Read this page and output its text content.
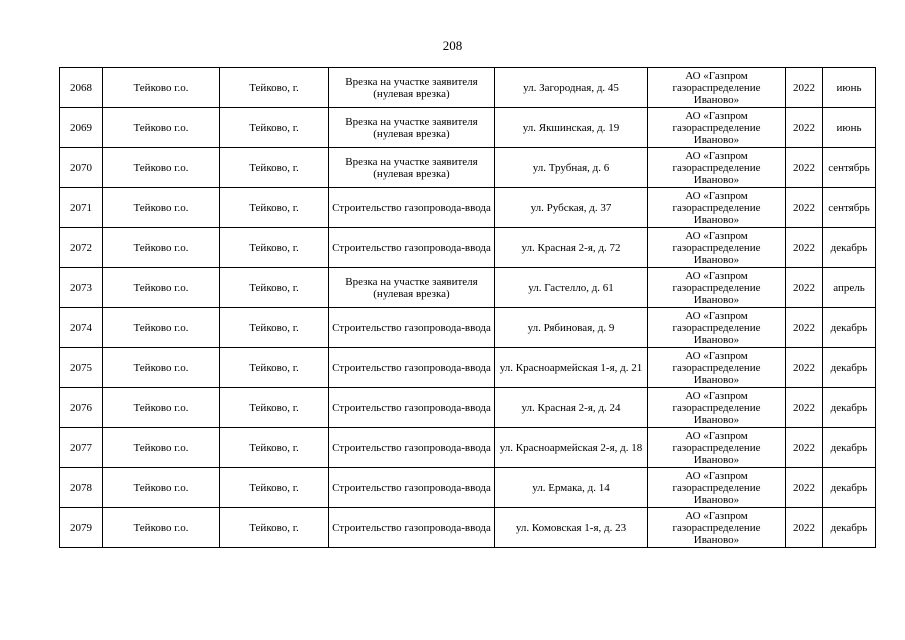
208
2068	Тейково г.о.	Тейково, г.	Врезка на участке заявителя (нулевая врезка)	ул. Загородная, д. 45	АО «Газпром газораспределение Иваново»	2022	июнь
2069	Тейково г.о.	Тейково, г.	Врезка на участке заявителя (нулевая врезка)	ул. Якшинская, д. 19	АО «Газпром газораспределение Иваново»	2022	июнь
2070	Тейково г.о.	Тейково, г.	Врезка на участке заявителя (нулевая врезка)	ул. Трубная, д. 6	АО «Газпром газораспределение Иваново»	2022	сентябрь
2071	Тейково г.о.	Тейково, г.	Строительство газопровода-ввода	ул. Рубская, д. 37	АО «Газпром газораспределение Иваново»	2022	сентябрь
2072	Тейково г.о.	Тейково, г.	Строительство газопровода-ввода	ул. Красная 2-я, д. 72	АО «Газпром газораспределение Иваново»	2022	декабрь
2073	Тейково г.о.	Тейково, г.	Врезка на участке заявителя (нулевая врезка)	ул. Гастелло, д. 61	АО «Газпром газораспределение Иваново»	2022	апрель
2074	Тейково г.о.	Тейково, г.	Строительство газопровода-ввода	ул. Рябиновая, д. 9	АО «Газпром газораспределение Иваново»	2022	декабрь
2075	Тейково г.о.	Тейково, г.	Строительство газопровода-ввода	ул. Красноармейская 1-я, д. 21	АО «Газпром газораспределение Иваново»	2022	декабрь
2076	Тейково г.о.	Тейково, г.	Строительство газопровода-ввода	ул. Красная 2-я, д. 24	АО «Газпром газораспределение Иваново»	2022	декабрь
2077	Тейково г.о.	Тейково, г.	Строительство газопровода-ввода	ул. Красноармейская 2-я, д. 18	АО «Газпром газораспределение Иваново»	2022	декабрь
2078	Тейково г.о.	Тейково, г.	Строительство газопровода-ввода	ул. Ермака, д. 14	АО «Газпром газораспределение Иваново»	2022	декабрь
2079	Тейково г.о.	Тейково, г.	Строительство газопровода-ввода	ул. Комовская 1-я, д. 23	АО «Газпром газораспределение Иваново»	2022	декабрь
